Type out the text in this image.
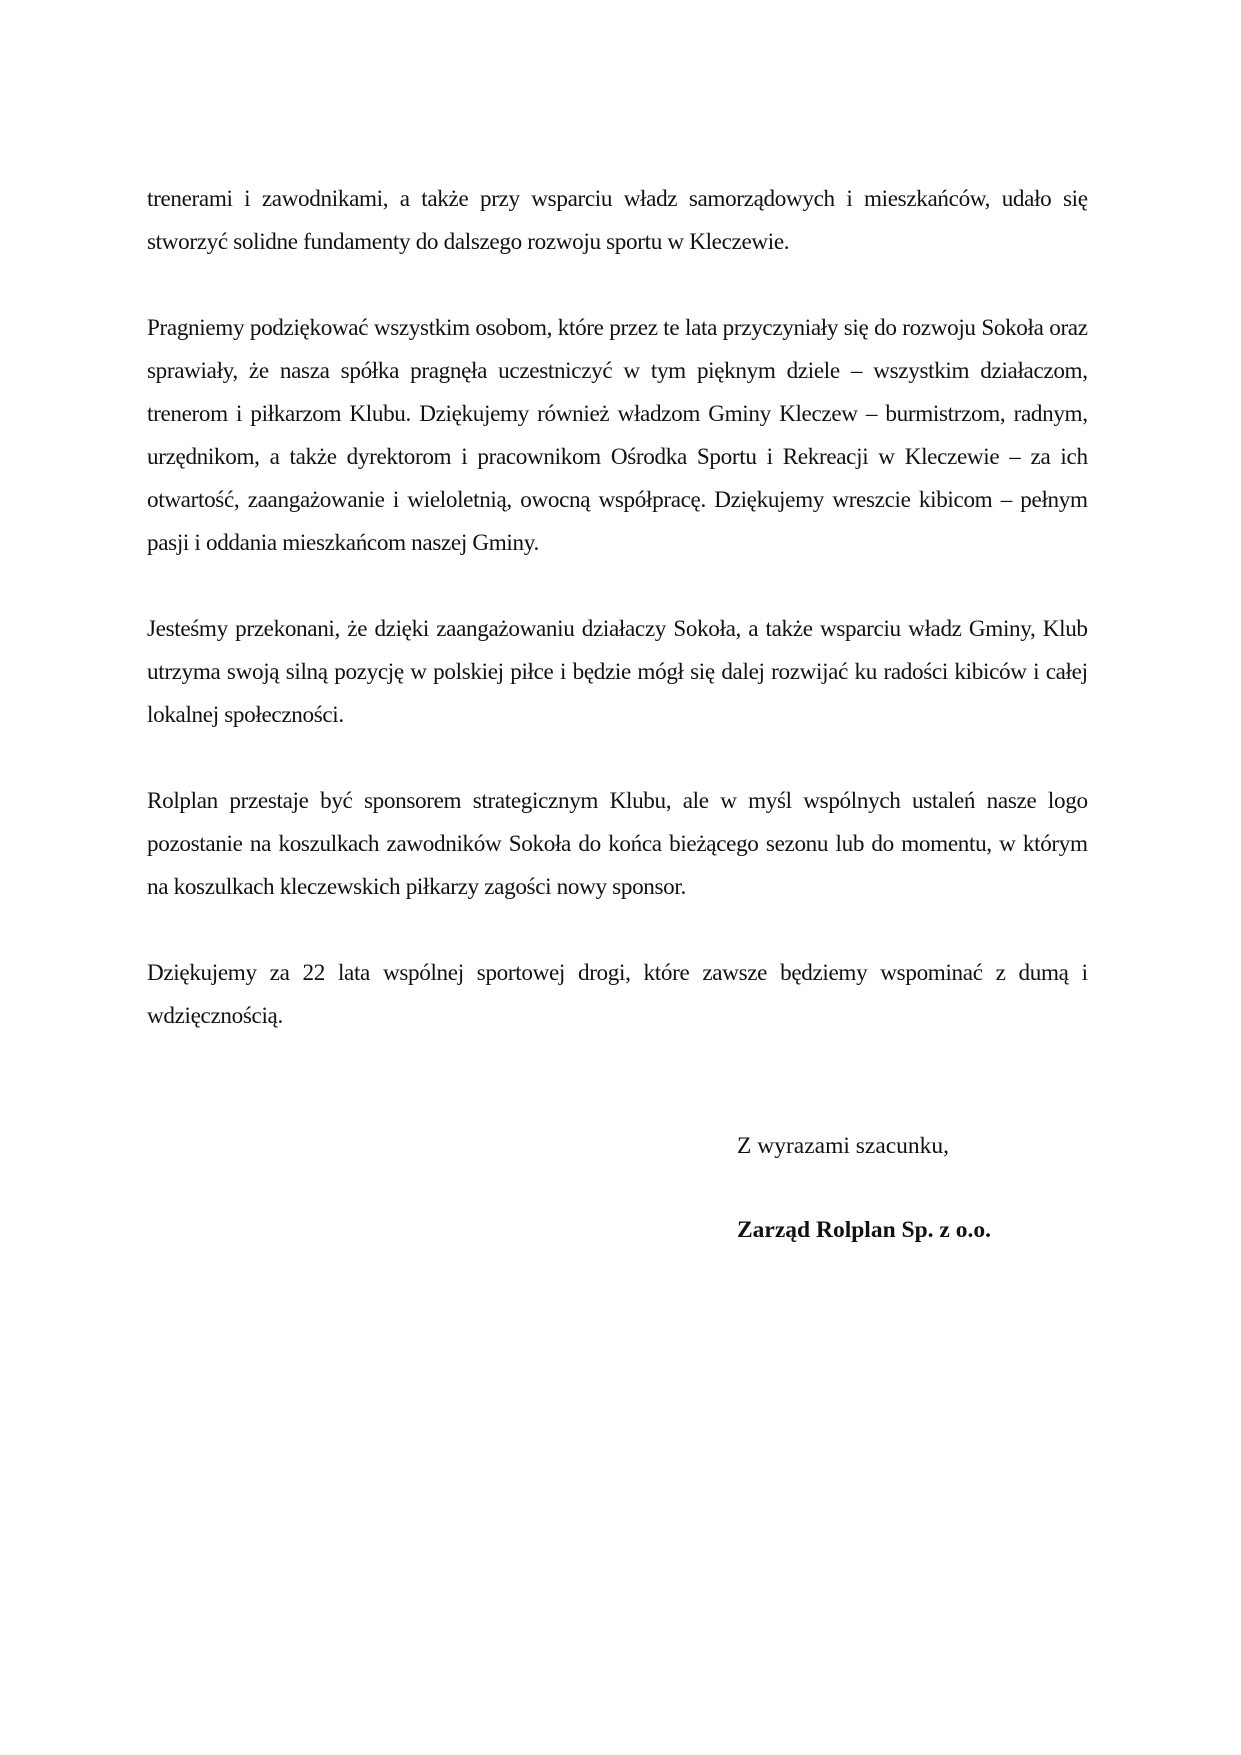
trenerami i zawodnikami, a także przy wsparciu władz samorządowych i mieszkańców, udało się stworzyć solidne fundamenty do dalszego rozwoju sportu w Kleczewie.

Pragniemy podziękować wszystkim osobom, które przez te lata przyczyniały się do rozwoju Sokoła oraz sprawiały, że nasza spółka pragnęła uczestniczyć w tym pięknym dziele – wszystkim działaczom, trenerom i piłkarzom Klubu. Dziękujemy również władzom Gminy Kleczew – burmistrzom, radnym, urzędnikom, a także dyrektorom i pracownikom Ośrodka Sportu i Rekreacji w Kleczewie – za ich otwartość, zaangażowanie i wieloletnią, owocną współpracę. Dziękujemy wreszcie kibicom – pełnym pasji i oddania mieszkańcom naszej Gminy.

Jesteśmy przekonani, że dzięki zaangażowaniu działaczy Sokoła, a także wsparciu władz Gminy, Klub utrzyma swoją silną pozycję w polskiej piłce i będzie mógł się dalej rozwijać ku radości kibiców i całej lokalnej społeczności.

Rolplan przestaje być sponsorem strategicznym Klubu, ale w myśl wspólnych ustaleń nasze logo pozostanie na koszulkach zawodników Sokoła do końca bieżącego sezonu lub do momentu, w którym na koszulkach kleczewskich piłkarzy zagości nowy sponsor.

Dziękujemy za 22 lata wspólnej sportowej drogi, które zawsze będziemy wspominać z dumą i wdzięcznością.

Z wyrazami szacunku,

Zarząd Rolplan Sp. z o.o.
